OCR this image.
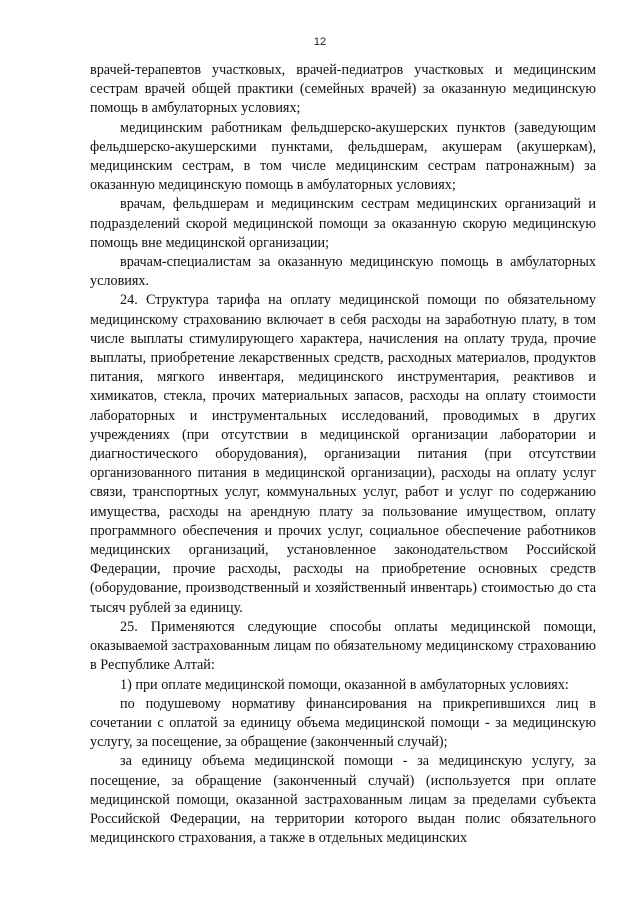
12

врачей-терапевтов участковых, врачей-педиатров участковых и медицинским сестрам врачей общей практики (семейных врачей) за оказанную медицинскую помощь в амбулаторных условиях;

медицинским работникам фельдшерско-акушерских пунктов (заведующим фельдшерско-акушерскими пунктами, фельдшерам, акушерам (акушеркам), медицинским сестрам, в том числе медицинским сестрам патронажным) за оказанную медицинскую помощь в амбулаторных условиях;

врачам, фельдшерам и медицинским сестрам медицинских организаций и подразделений скорой медицинской помощи за оказанную скорую медицинскую помощь вне медицинской организации;

врачам-специалистам за оказанную медицинскую помощь в амбулаторных условиях.

24. Структура тарифа на оплату медицинской помощи по обязательному медицинскому страхованию включает в себя расходы на заработную плату, в том числе выплаты стимулирующего характера, начисления на оплату труда, прочие выплаты, приобретение лекарственных средств, расходных материалов, продуктов питания, мягкого инвентаря, медицинского инструментария, реактивов и химикатов, стекла, прочих материальных запасов, расходы на оплату стоимости лабораторных и инструментальных исследований, проводимых в других учреждениях (при отсутствии в медицинской организации лаборатории и диагностического оборудования), организации питания (при отсутствии организованного питания в медицинской организации), расходы на оплату услуг связи, транспортных услуг, коммунальных услуг, работ и услуг по содержанию имущества, расходы на арендную плату за пользование имуществом, оплату программного обеспечения и прочих услуг, социальное обеспечение работников медицинских организаций, установленное законодательством Российской Федерации, прочие расходы, расходы на приобретение основных средств (оборудование, производственный и хозяйственный инвентарь) стоимостью до ста тысяч рублей за единицу.

25. Применяются следующие способы оплаты медицинской помощи, оказываемой застрахованным лицам по обязательному медицинскому страхованию в Республике Алтай:

1) при оплате медицинской помощи, оказанной в амбулаторных условиях:

по подушевому нормативу финансирования на прикрепившихся лиц в сочетании с оплатой за единицу объема медицинской помощи - за медицинскую услугу, за посещение, за обращение (законченный случай);

за единицу объема медицинской помощи - за медицинскую услугу, за посещение, за обращение (законченный случай) (используется при оплате медицинской помощи, оказанной застрахованным лицам за пределами субъекта Российской Федерации, на территории которого выдан полис обязательного медицинского страхования, а также в отдельных медицинских
